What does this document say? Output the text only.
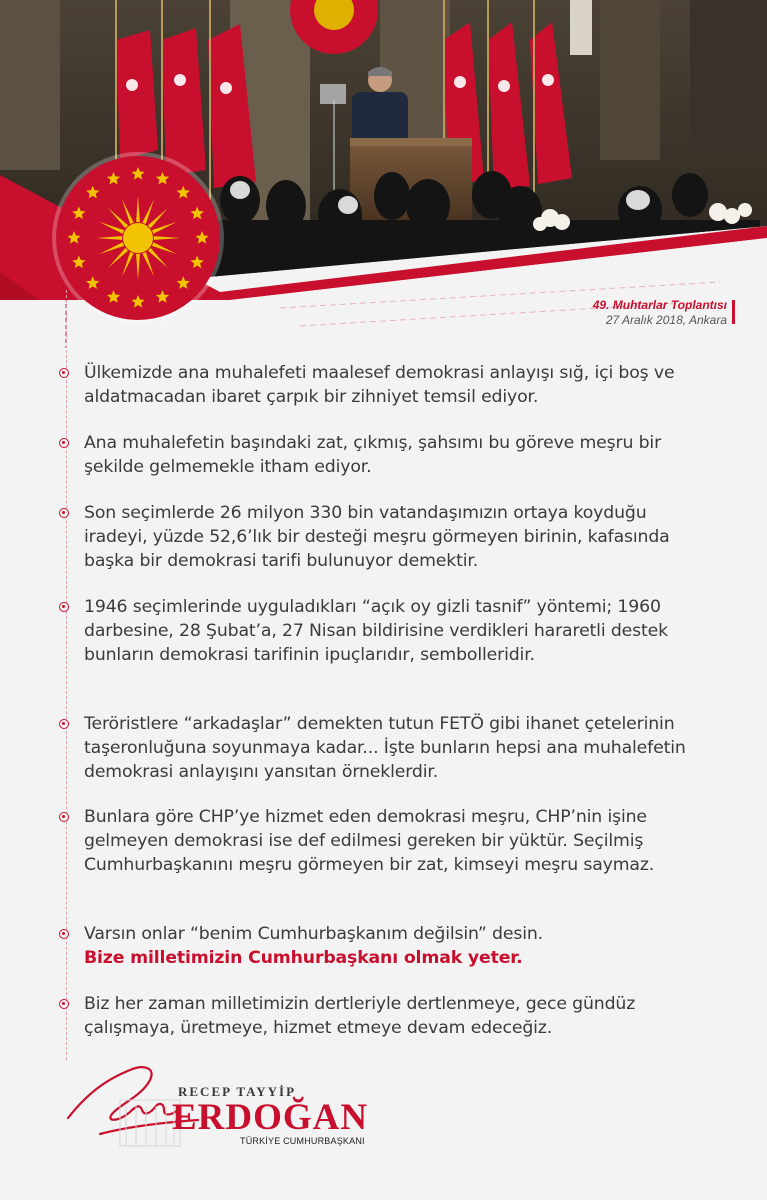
49. Muhtarlar Toplantısı
27 Aralık 2018, Ankara
Ülkemizde ana muhalefeti maalesef demokrasi anlayışı sığ, içi boş ve aldatmacadan ibaret çarpık bir zihniyet temsil ediyor.
Ana muhalefetin başındaki zat, çıkmış, şahsımı bu göreve meşru bir şekilde gelmemekle itham ediyor.
Son seçimlerde 26 milyon 330 bin vatandaşımızın ortaya koyduğu iradeyi, yüzde 52,6’lık bir desteği meşru görmeyen birinin, kafasında başka bir demokrasi tarifi bulunuyor demektir.
1946 seçimlerinde uyguladıkları “açık oy gizli tasnif” yöntemi; 1960 darbesine, 28 Şubat’a, 27 Nisan bildirisine verdikleri hararetli destek bunların demokrasi tarifinin ipuçlarıdır, sembolleridir.
Teröristlere “arkadaşlar” demekten tutun FETÖ gibi ihanet çetelerinin taşeronluğuna soyunmaya kadar... İşte bunların hepsi ana muhalefetin demokrasi anlayışını yansıtan örneklerdir.
Bunlara göre CHP’ye hizmet eden demokrasi meşru, CHP’nin işine gelmeyen demokrasi ise def edilmesi gereken bir yüktür. Seçilmiş Cumhurbaşkanını meşru görmeyen bir zat, kimseyi meşru saymaz.
Varsın onlar “benim Cumhurbaşkanım değilsin” desin.
Bize milletimizin Cumhurbaşkanı olmak yeter.
Biz her zaman milletimizin dertleriyle dertlenmeye, gece gündüz çalışmaya, üretmeye, hizmet etmeye devam edeceğiz.
RECEP TAYYİP
ERDOĞAN
TÜRKİYE CUMHURBAŞKANI
